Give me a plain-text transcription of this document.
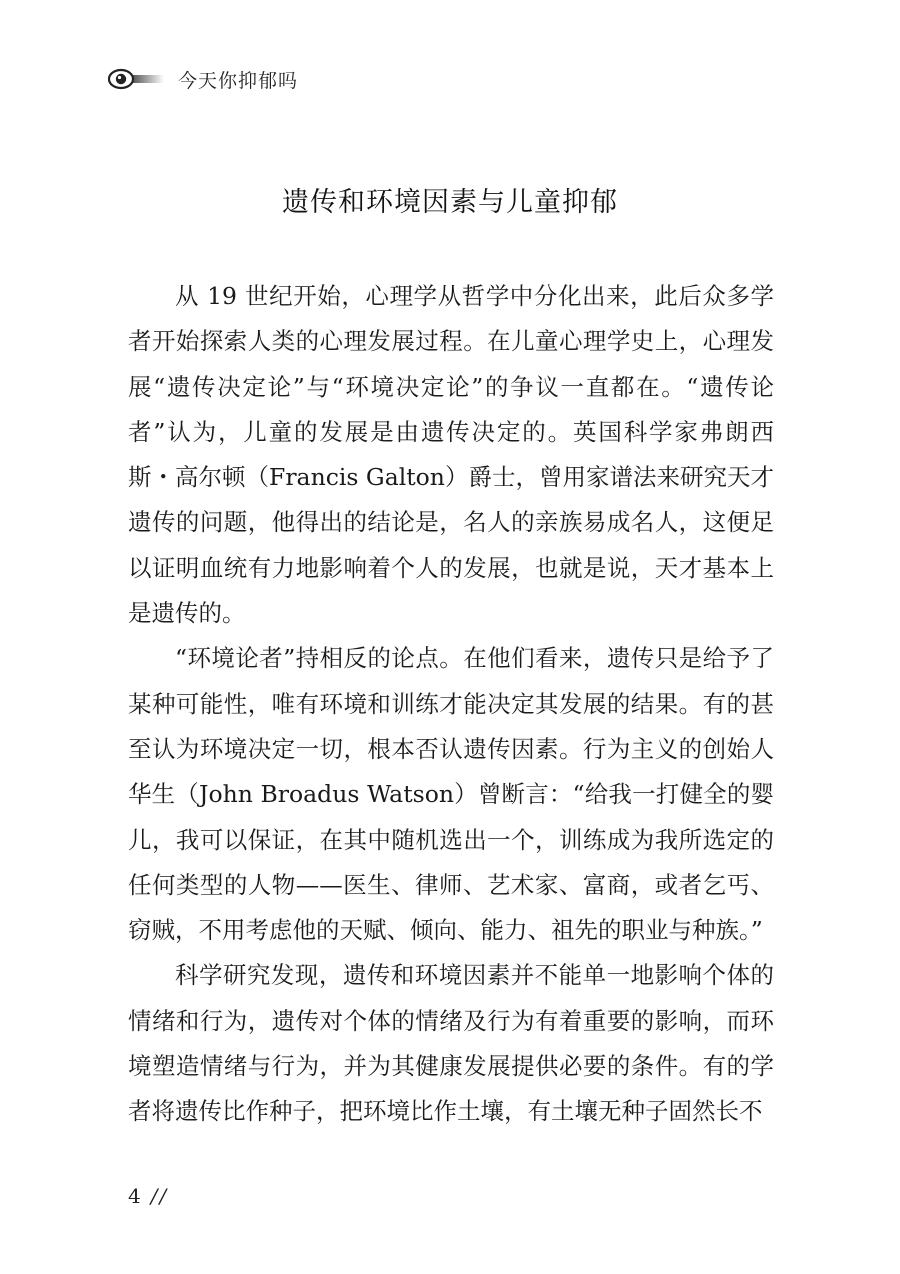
今天你抑郁吗
遗传和环境因素与儿童抑郁

从 19 世纪开始，心理学从哲学中分化出来，此后众多学者开始探索人类的心理发展过程。在儿童心理学史上，心理发展“遗传决定论”与“环境决定论”的争议一直都在。“遗传论者”认为，儿童的发展是由遗传决定的。英国科学家弗朗西斯・高尔顿（Francis Galton）爵士，曾用家谱法来研究天才遗传的问题，他得出的结论是，名人的亲族易成名人，这便足以证明血统有力地影响着个人的发展，也就是说，天才基本上是遗传的。

“环境论者”持相反的论点。在他们看来，遗传只是给予了某种可能性，唯有环境和训练才能决定其发展的结果。有的甚至认为环境决定一切，根本否认遗传因素。行为主义的创始人华生（John Broadus Watson）曾断言：“给我一打健全的婴儿，我可以保证，在其中随机选出一个，训练成为我所选定的任何类型的人物——医生、律师、艺术家、富商，或者乞丐、窃贼，不用考虑他的天赋、倾向、能力、祖先的职业与种族。”

科学研究发现，遗传和环境因素并不能单一地影响个体的情绪和行为，遗传对个体的情绪及行为有着重要的影响，而环境塑造情绪与行为，并为其健康发展提供必要的条件。有的学者将遗传比作种子，把环境比作土壤，有土壤无种子固然长不

4 //
